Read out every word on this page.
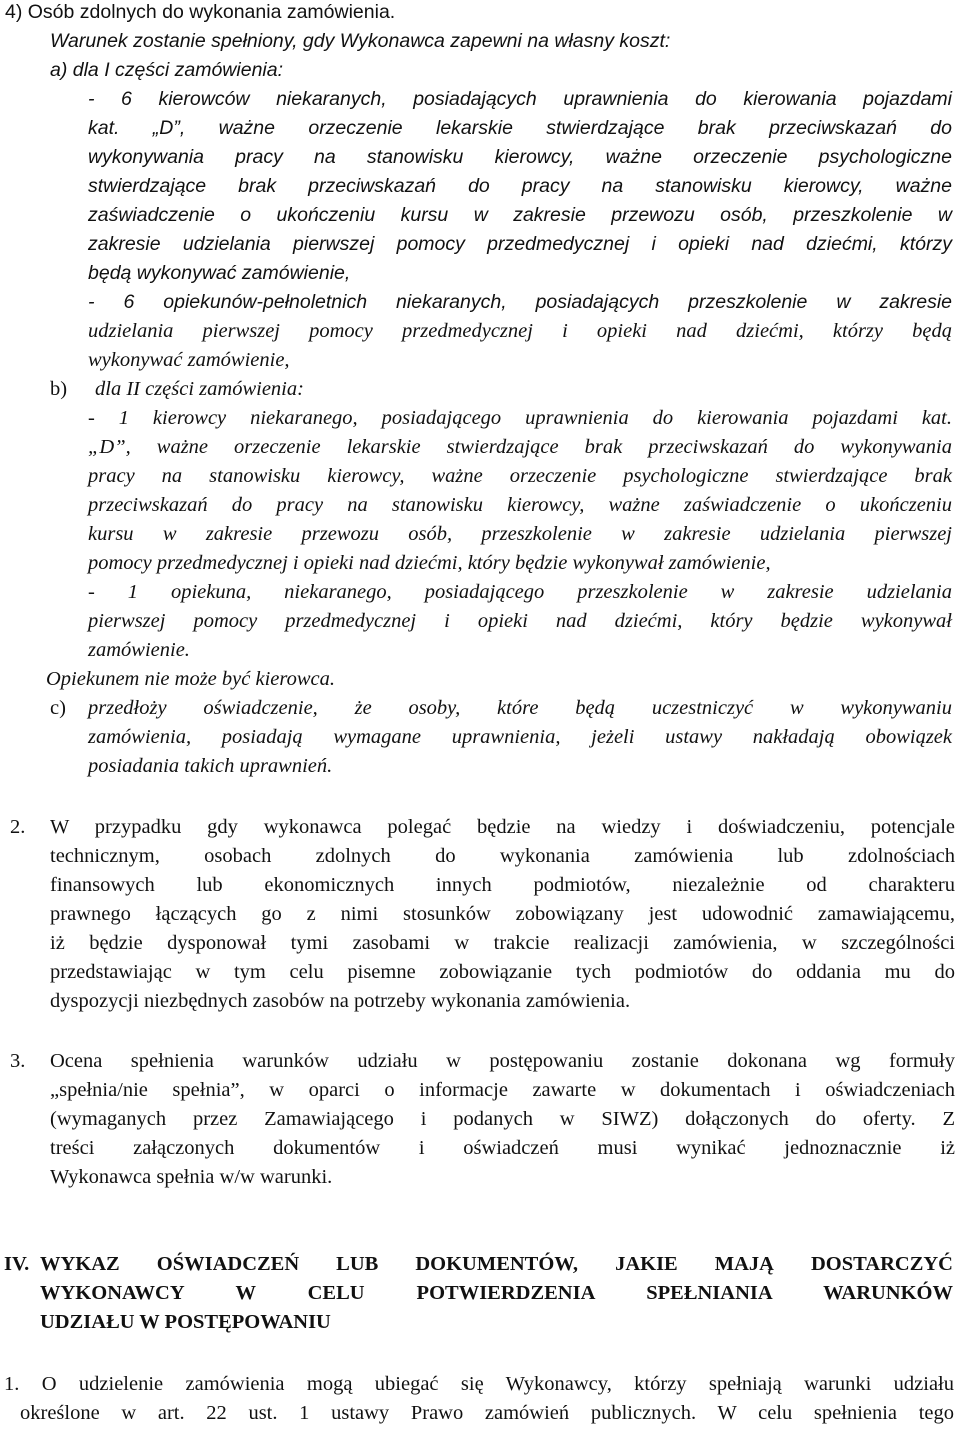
4) Osób zdolnych do wykonania zamówienia.
Warunek zostanie spełniony, gdy Wykonawca zapewni na własny koszt:
a) dla I części zamówienia:
- 6 kierowców niekaranych, posiadających uprawnienia do kierowania pojazdami
kat. „D”, ważne orzeczenie lekarskie stwierdzające brak przeciwskazań do
wykonywania pracy na stanowisku kierowcy, ważne orzeczenie psychologiczne
stwierdzające brak przeciwskazań do pracy na stanowisku kierowcy, ważne
zaświadczenie o ukończeniu kursu w zakresie przewozu osób, przeszkolenie w
zakresie udzielania pierwszej pomocy przedmedycznej i opieki nad dziećmi, którzy
będą wykonywać zamówienie,
- 6 opiekunów-pełnoletnich niekaranych, posiadających przeszkolenie w zakresie
udzielania pierwszej pomocy przedmedycznej i opieki nad dziećmi, którzy będą
wykonywać zamówienie,
b) dla II części zamówienia:
- 1 kierowcy niekaranego, posiadającego uprawnienia do kierowania pojazdami kat.
„D”, ważne orzeczenie lekarskie stwierdzające brak przeciwskazań do wykonywania
pracy na stanowisku kierowcy, ważne orzeczenie psychologiczne stwierdzające brak
przeciwskazań do pracy na stanowisku kierowcy, ważne zaświadczenie o ukończeniu
kursu w zakresie przewozu osób, przeszkolenie w zakresie udzielania pierwszej
pomocy przedmedycznej i opieki nad dziećmi, który będzie wykonywał zamówienie,
- 1 opiekuna, niekaranego, posiadającego przeszkolenie w zakresie udzielania
pierwszej pomocy przedmedycznej i opieki nad dziećmi, który będzie wykonywał
zamówienie.
Opiekunem nie może być kierowca.
c) przedłoży oświadczenie, że osoby, które będą uczestniczyć w wykonywaniu
zamówienia, posiadają wymagane uprawnienia, jeżeli ustawy nakładają obowiązek
posiadania takich uprawnień.
2. W przypadku gdy wykonawca polegać będzie na wiedzy i doświadczeniu, potencjale
technicznym, osobach zdolnych do wykonania zamówienia lub zdolnościach
finansowych lub ekonomicznych innych podmiotów, niezależnie od charakteru
prawnego łączących go z nimi stosunków zobowiązany jest udowodnić zamawiającemu,
iż będzie dysponował tymi zasobami w trakcie realizacji zamówienia, w szczególności
przedstawiając w tym celu pisemne zobowiązanie tych podmiotów do oddania mu do
dyspozycji niezbędnych zasobów na potrzeby wykonania zamówienia.
3. Ocena spełnienia warunków udziału w postępowaniu zostanie dokonana wg formuły
„spełnia/nie spełnia”, w oparci o informacje zawarte w dokumentach i oświadczeniach
(wymaganych przez Zamawiającego i podanych w SIWZ) dołączonych do oferty. Z
treści załączonych dokumentów i oświadczeń musi wynikać jednoznacznie iż
Wykonawca spełnia w/w warunki.
IV. WYKAZ OŚWIADCZEŃ LUB DOKUMENTÓW, JAKIE MAJĄ DOSTARCZYĆ
WYKONAWCY W CELU POTWIERDZENIA SPEŁNIANIA WARUNKÓW
UDZIAŁU W POSTĘPOWANIU
1. O udzielenie zamówienia mogą ubiegać się Wykonawcy, którzy spełniają warunki udziału
określone w art. 22 ust. 1 ustawy Prawo zamówień publicznych. W celu spełnienia tego
